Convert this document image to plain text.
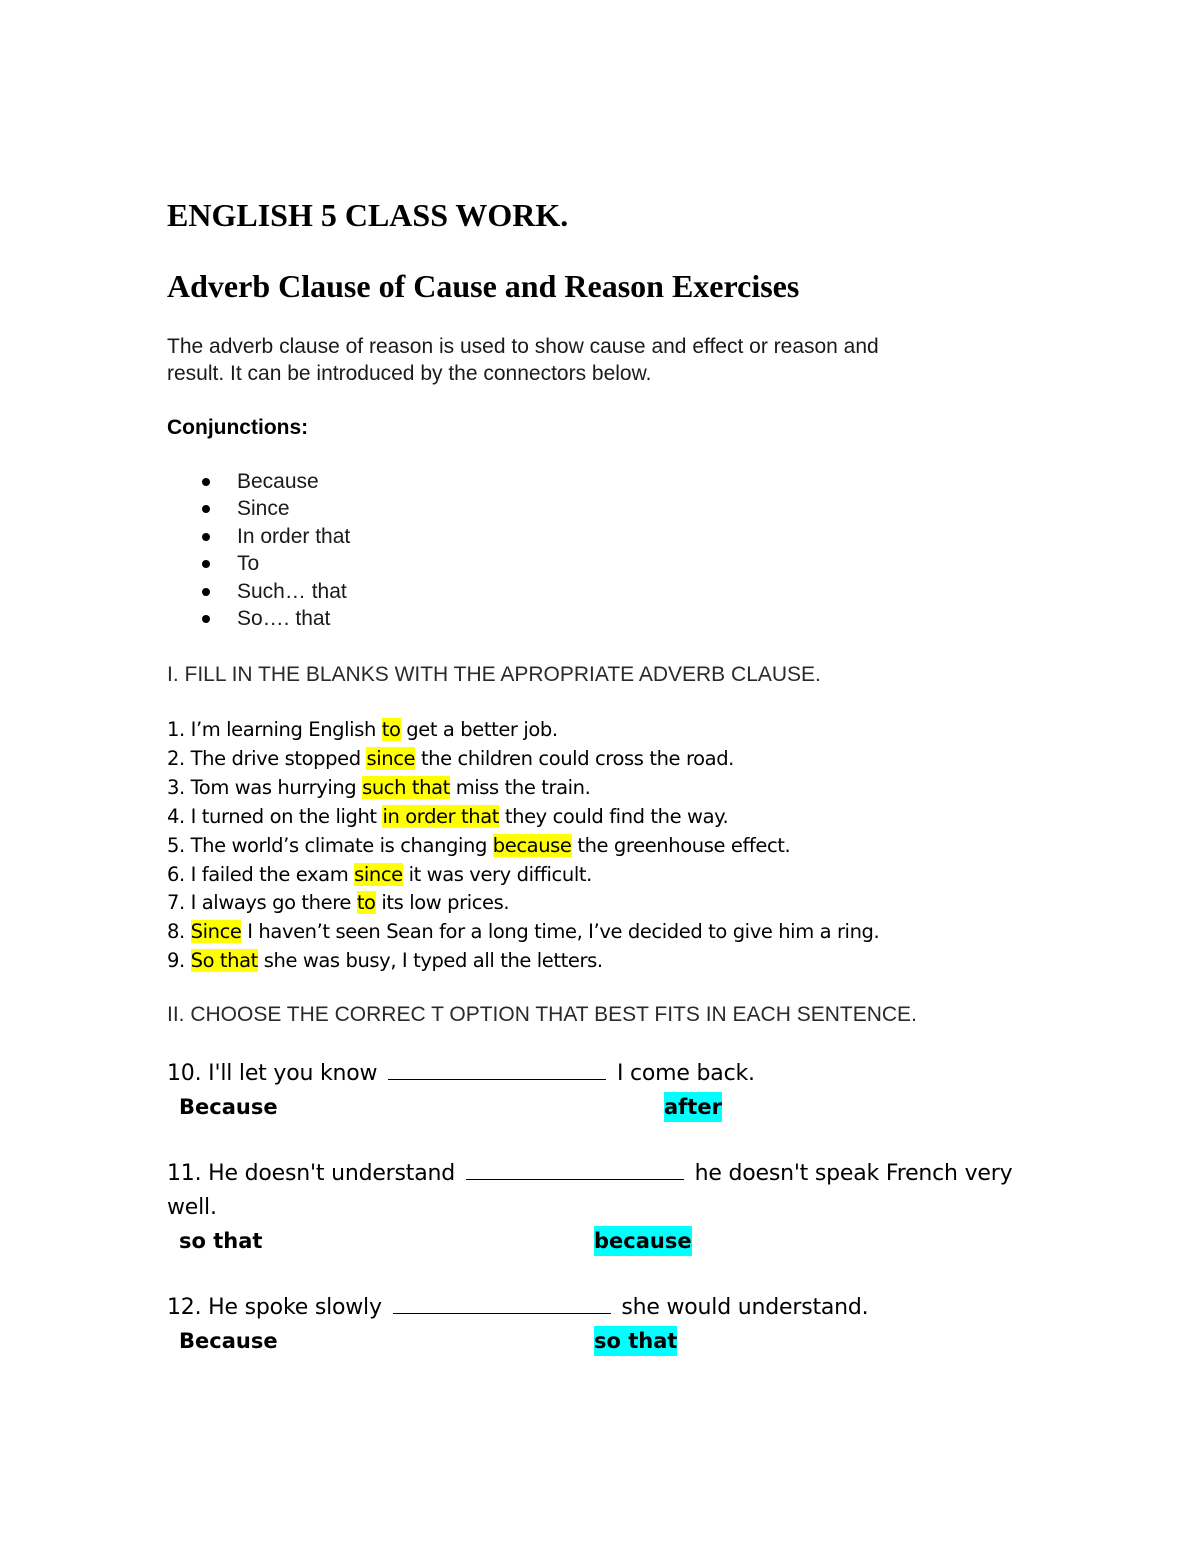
ENGLISH 5 CLASS WORK.
Adverb Clause of Cause and Reason Exercises
The adverb clause of reason is used to show cause and effect or reason and
result. It can be introduced by the connectors below.
Conjunctions:
Because
Since
In order that
To
Such… that
So…. that
I. FILL IN THE BLANKS WITH THE APROPRIATE ADVERB CLAUSE.
1. I’m learning English to get a better job.
2. The drive stopped since the children could cross the road.
3. Tom was hurrying such that miss the train.
4. I turned on the light in order that they could find the way.
5. The world’s climate is changing because the greenhouse effect.
6. I failed the exam since it was very difficult.
7. I always go there to its low prices.
8. Since I haven’t seen Sean for a long time, I’ve decided to give him a ring.
9. So that she was busy, I typed all the letters.
II. CHOOSE THE CORREC T OPTION THAT BEST FITS IN EACH SENTENCE.
10. I'll let you know	I come back.
Because	after
11. He doesn't understand	he doesn't speak French very
well.
so that	because
12. He spoke slowly	she would understand.
Because	so that
